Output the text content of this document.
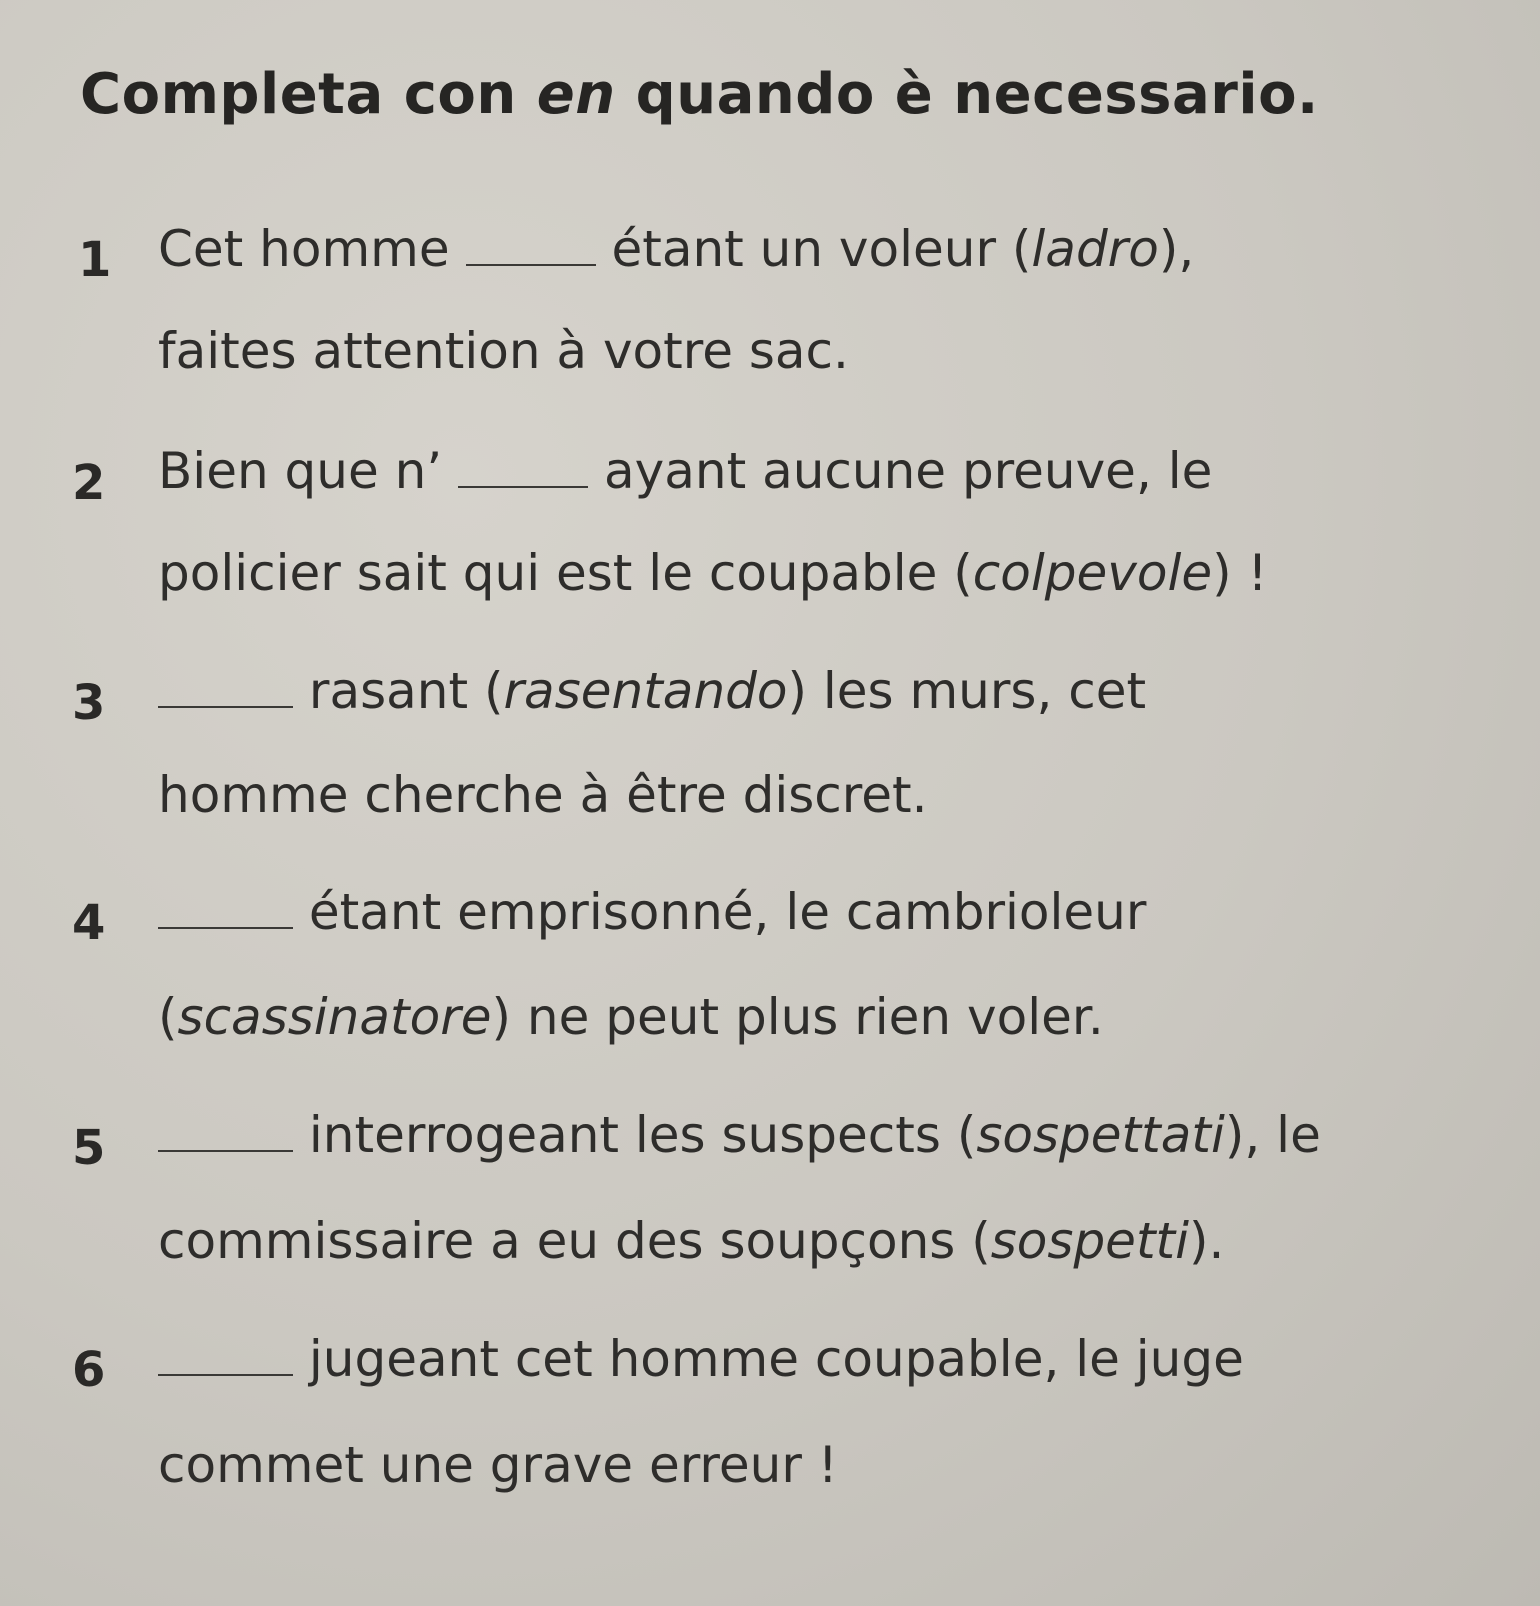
Completa con en quando è necessario.
1 Cet homme	étant un voleur (ladro),
faites attention à votre sac.
2 Bien que n’	ayant aucune preuve, le
policier sait qui est le coupable (colpevole) !
3	rasant (rasentando) les murs, cet
homme cherche à être discret.
4	étant emprisonné, le cambrioleur
(scassinatore) ne peut plus rien voler.
5	interrogeant les suspects (sospettati), le
commissaire a eu des soupçons (sospetti).
6	jugeant cet homme coupable, le juge
commet une grave erreur !
